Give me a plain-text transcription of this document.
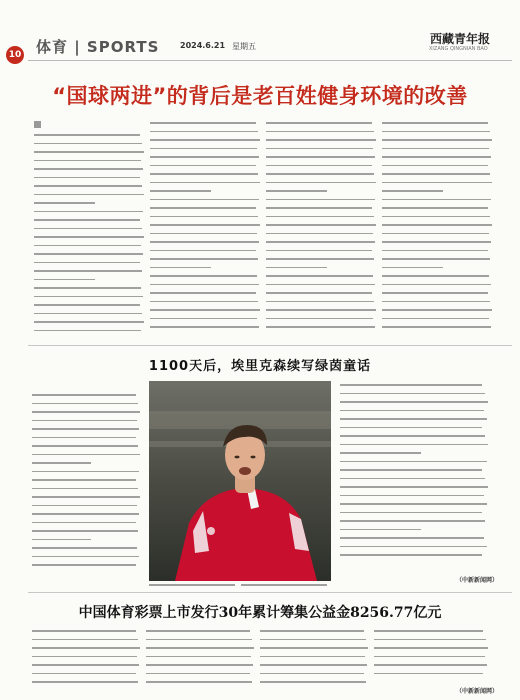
10 体育 | SPORTS	2024.6.21 星期五
西藏青年报
XIZANG QINGNIAN BAO
“国球两进”的背后是老百姓健身环境的改善
1100天后，埃里克森续写绿茵童话
（中新新闻网）
中国体育彩票上市发行30年累计筹集公益金8256.77亿元
（中新新闻网）
